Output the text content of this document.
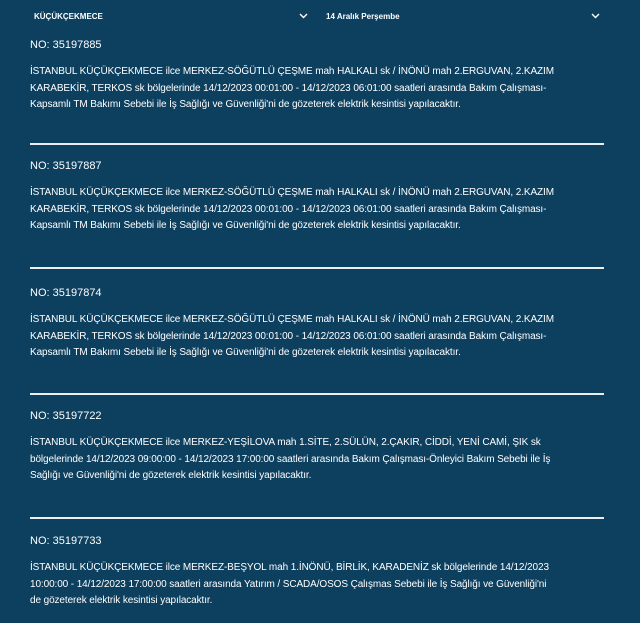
KÜÇÜKÇEKMECE	14 Aralık Perşembe
NO: 35197885
İSTANBUL KÜÇÜKÇEKMECE ilce MERKEZ-SÖĞÜTLÜ ÇEŞME mah HALKALI sk / İNÖNÜ mah 2.ERGUVAN, 2.KAZIM
KARABEKİR, TERKOS sk bölgelerinde 14/12/2023 00:01:00 - 14/12/2023 06:01:00 saatleri arasında Bakım Çalışması-
Kapsamlı TM Bakımı Sebebi ile İş Sağlığı ve Güvenliği'ni de gözeterek elektrik kesintisi yapılacaktır.
NO: 35197887
İSTANBUL KÜÇÜKÇEKMECE ilce MERKEZ-SÖĞÜTLÜ ÇEŞME mah HALKALI sk / İNÖNÜ mah 2.ERGUVAN, 2.KAZIM
KARABEKİR, TERKOS sk bölgelerinde 14/12/2023 00:01:00 - 14/12/2023 06:01:00 saatleri arasında Bakım Çalışması-
Kapsamlı TM Bakımı Sebebi ile İş Sağlığı ve Güvenliği'ni de gözeterek elektrik kesintisi yapılacaktır.
NO: 35197874
İSTANBUL KÜÇÜKÇEKMECE ilce MERKEZ-SÖĞÜTLÜ ÇEŞME mah HALKALI sk / İNÖNÜ mah 2.ERGUVAN, 2.KAZIM
KARABEKİR, TERKOS sk bölgelerinde 14/12/2023 00:01:00 - 14/12/2023 06:01:00 saatleri arasında Bakım Çalışması-
Kapsamlı TM Bakımı Sebebi ile İş Sağlığı ve Güvenliği'ni de gözeterek elektrik kesintisi yapılacaktır.
NO: 35197722
İSTANBUL KÜÇÜKÇEKMECE ilce MERKEZ-YEŞİLOVA mah 1.SİTE, 2.SÜLÜN, 2.ÇAKIR, CİDDİ, YENİ CAMİ, ŞIK sk
bölgelerinde 14/12/2023 09:00:00 - 14/12/2023 17:00:00 saatleri arasında Bakım Çalışması-Önleyici Bakım Sebebi ile İş
Sağlığı ve Güvenliği'ni de gözeterek elektrik kesintisi yapılacaktır.
NO: 35197733
İSTANBUL KÜÇÜKÇEKMECE ilce MERKEZ-BEŞYOL mah 1.İNÖNÜ, BİRLİK, KARADENİZ sk bölgelerinde 14/12/2023
10:00:00 - 14/12/2023 17:00:00 saatleri arasında Yatırım / SCADA/OSOS Çalışmas Sebebi ile İş Sağlığı ve Güvenliği'ni
de gözeterek elektrik kesintisi yapılacaktır.
